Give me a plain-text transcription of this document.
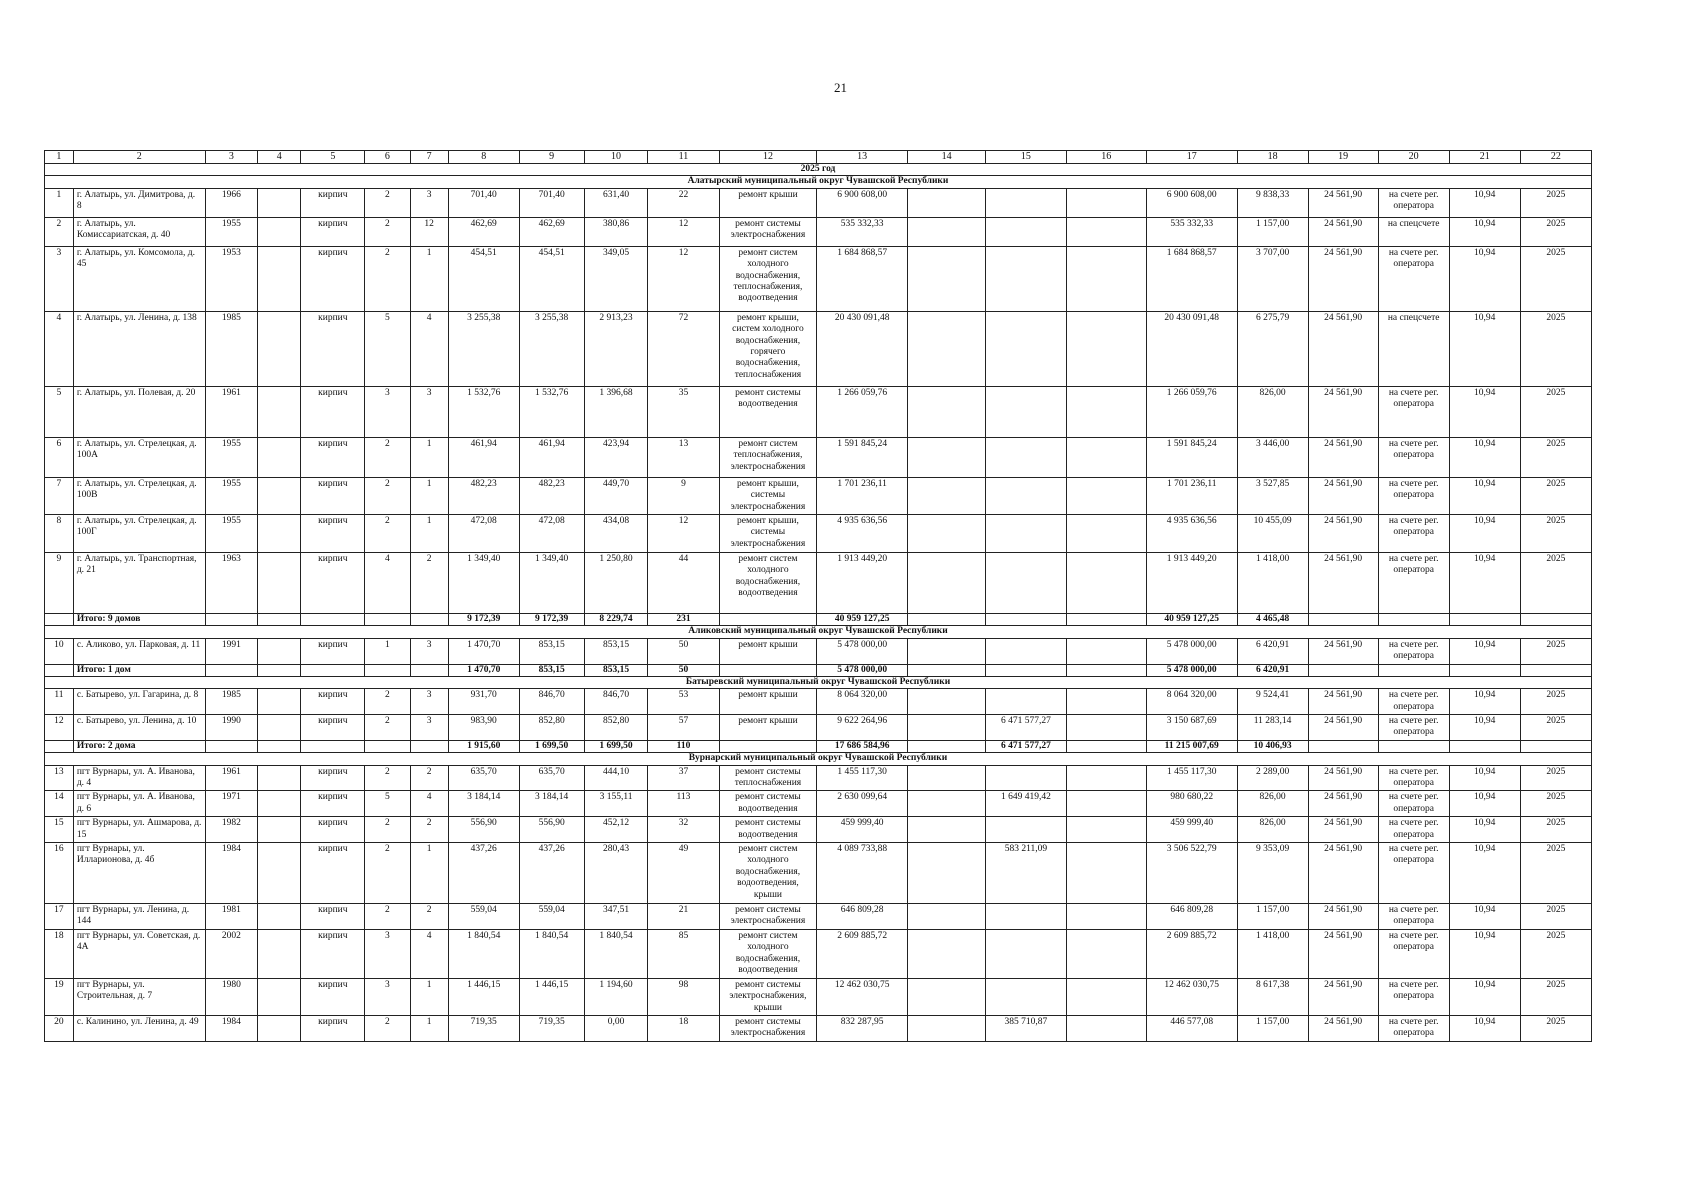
21
1	2	3	4	5	6	7	8	9	10	11	12	13	14	15	16	17	18	19	20	21	22
2025 год																					
Алатырский муниципальный округ Чувашской Республики																					
1	г. Алатырь, ул. Димитрова, д. 8	1966		кирпич	2	3	701,40	701,40	631,40	22	ремонт крыши	6 900 608,00				6 900 608,00	9 838,33	24 561,90	на счете рег. оператора	10,94	2025
2	г. Алатырь, ул. Комиссариатская, д. 40	1955		кирпич	2	12	462,69	462,69	380,86	12	ремонт системы электроснабжения	535 332,33				535 332,33	1 157,00	24 561,90	на спецсчете	10,94	2025
3	г. Алатырь, ул. Комсомола, д. 45	1953		кирпич	2	1	454,51	454,51	349,05	12	ремонт систем холодного водоснабжения, теплоснабжения, водоотведения	1 684 868,57				1 684 868,57	3 707,00	24 561,90	на счете рег. оператора	10,94	2025
4	г. Алатырь, ул. Ленина, д. 138	1985		кирпич	5	4	3 255,38	3 255,38	2 913,23	72	ремонт крыши, систем холодного водоснабжения, горячего водоснабжения, теплоснабжения	20 430 091,48				20 430 091,48	6 275,79	24 561,90	на спецсчете	10,94	2025
5	г. Алатырь, ул. Полевая, д. 20	1961		кирпич	3	3	1 532,76	1 532,76	1 396,68	35	ремонт системы водоотведения	1 266 059,76				1 266 059,76	826,00	24 561,90	на счете рег. оператора	10,94	2025
6	г. Алатырь, ул. Стрелецкая, д. 100А	1955		кирпич	2	1	461,94	461,94	423,94	13	ремонт систем теплоснабжения, электроснабжения	1 591 845,24				1 591 845,24	3 446,00	24 561,90	на счете рег. оператора	10,94	2025
7	г. Алатырь, ул. Стрелецкая, д. 100В	1955		кирпич	2	1	482,23	482,23	449,70	9	ремонт крыши, системы электроснабжения	1 701 236,11				1 701 236,11	3 527,85	24 561,90	на счете рег. оператора	10,94	2025
8	г. Алатырь, ул. Стрелецкая, д. 100Г	1955		кирпич	2	1	472,08	472,08	434,08	12	ремонт крыши, системы электроснабжения	4 935 636,56				4 935 636,56	10 455,09	24 561,90	на счете рег. оператора	10,94	2025
9	г. Алатырь, ул. Транспортная, д. 21	1963		кирпич	4	2	1 349,40	1 349,40	1 250,80	44	ремонт систем холодного водоснабжения, водоотведения	1 913 449,20				1 913 449,20	1 418,00	24 561,90	на счете рег. оператора	10,94	2025
	Итого: 9 домов						9 172,39	9 172,39	8 229,74	231		40 959 127,25				40 959 127,25	4 465,48				
Аликовский муниципальный округ Чувашской Республики																					
10	с. Аликово, ул. Парковая, д. 11	1991		кирпич	1	3	1 470,70	853,15	853,15	50	ремонт крыши	5 478 000,00				5 478 000,00	6 420,91	24 561,90	на счете рег. оператора	10,94	2025
	Итого: 1 дом						1 470,70	853,15	853,15	50		5 478 000,00				5 478 000,00	6 420,91				
Батыревский муниципальный округ Чувашской Республики																					
11	с. Батырево, ул. Гагарина, д. 8	1985		кирпич	2	3	931,70	846,70	846,70	53	ремонт крыши	8 064 320,00				8 064 320,00	9 524,41	24 561,90	на счете рег. оператора	10,94	2025
12	с. Батырево, ул. Ленина, д. 10	1990		кирпич	2	3	983,90	852,80	852,80	57	ремонт крыши	9 622 264,96		6 471 577,27		3 150 687,69	11 283,14	24 561,90	на счете рег. оператора	10,94	2025
	Итого: 2 дома						1 915,60	1 699,50	1 699,50	110		17 686 584,96		6 471 577,27		11 215 007,69	10 406,93				
Вурнарский муниципальный округ Чувашской Республики																					
13	пгт Вурнары, ул. А. Иванова, д. 4	1961		кирпич	2	2	635,70	635,70	444,10	37	ремонт системы теплоснабжения	1 455 117,30				1 455 117,30	2 289,00	24 561,90	на счете рег. оператора	10,94	2025
14	пгт Вурнары, ул. А. Иванова, д. 6	1971		кирпич	5	4	3 184,14	3 184,14	3 155,11	113	ремонт системы водоотведения	2 630 099,64		1 649 419,42		980 680,22	826,00	24 561,90	на счете рег. оператора	10,94	2025
15	пгт Вурнары, ул. Ашмарова, д. 15	1982		кирпич	2	2	556,90	556,90	452,12	32	ремонт системы водоотведения	459 999,40				459 999,40	826,00	24 561,90	на счете рег. оператора	10,94	2025
16	пгт Вурнары, ул. Илларионова, д. 4б	1984		кирпич	2	1	437,26	437,26	280,43	49	ремонт систем холодного водоснабжения, водоотведения, крыши	4 089 733,88		583 211,09		3 506 522,79	9 353,09	24 561,90	на счете рег. оператора	10,94	2025
17	пгт Вурнары, ул. Ленина, д. 144	1981		кирпич	2	2	559,04	559,04	347,51	21	ремонт системы электроснабжения	646 809,28				646 809,28	1 157,00	24 561,90	на счете рег. оператора	10,94	2025
18	пгт Вурнары, ул. Советская, д. 4А	2002		кирпич	3	4	1 840,54	1 840,54	1 840,54	85	ремонт систем холодного водоснабжения, водоотведения	2 609 885,72				2 609 885,72	1 418,00	24 561,90	на счете рег. оператора	10,94	2025
19	пгт Вурнары, ул. Строительная, д. 7	1980		кирпич	3	1	1 446,15	1 446,15	1 194,60	98	ремонт системы электроснабжения, крыши	12 462 030,75				12 462 030,75	8 617,38	24 561,90	на счете рег. оператора	10,94	2025
20	с. Калинино, ул. Ленина, д. 49	1984		кирпич	2	1	719,35	719,35	0,00	18	ремонт системы электроснабжения	832 287,95		385 710,87		446 577,08	1 157,00	24 561,90	на счете рег. оператора	10,94	2025
